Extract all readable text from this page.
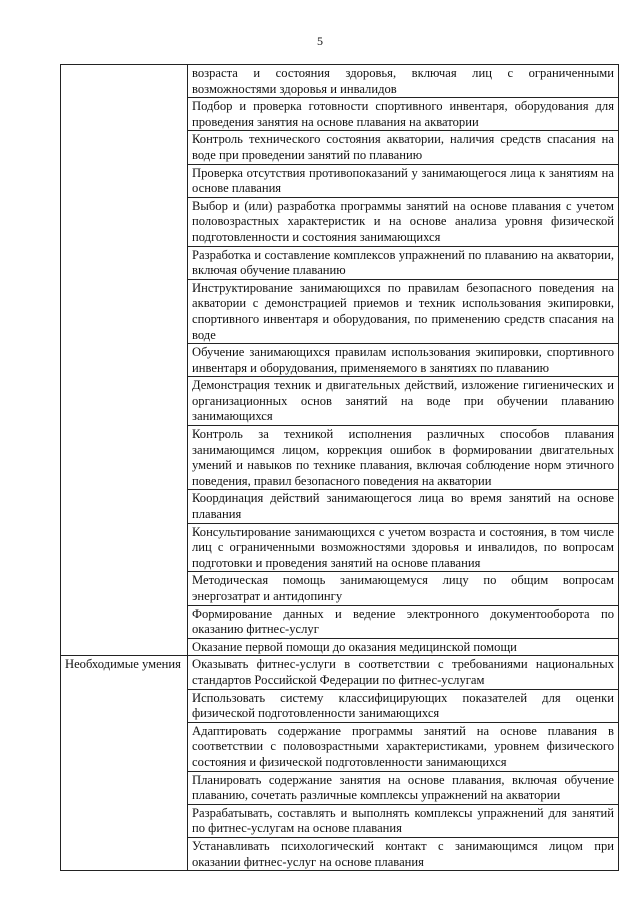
5
	возраста и состояния здоровья, включая лиц с ограниченными возможностями здоровья и инвалидов
	Подбор и проверка готовности спортивного инвентаря, оборудования для проведения занятия на основе плавания на акватории
	Контроль технического состояния акватории, наличия средств спасания на воде при проведении занятий по плаванию
	Проверка отсутствия противопоказаний у занимающегося лица к занятиям на основе плавания
	Выбор и (или) разработка программы занятий на основе плавания с учетом половозрастных характеристик и на основе анализа уровня физической подготовленности и состояния занимающихся
	Разработка и составление комплексов упражнений по плаванию на акватории, включая обучение плаванию
	Инструктирование занимающихся по правилам безопасного поведения на акватории с демонстрацией приемов и техник использования экипировки, спортивного инвентаря и оборудования, по применению средств спасания на воде
	Обучение занимающихся правилам использования экипировки, спортивного инвентаря и оборудования, применяемого в занятиях по плаванию
	Демонстрация техник и двигательных действий, изложение гигиенических и организационных основ занятий на воде при обучении плаванию занимающихся
	Контроль за техникой исполнения различных способов плавания занимающимся лицом, коррекция ошибок в формировании двигательных умений и навыков по технике плавания, включая соблюдение норм этичного поведения, правил безопасного поведения на акватории
	Координация действий занимающегося лица во время занятий на основе плавания
	Консультирование занимающихся с учетом возраста и состояния, в том числе лиц с ограниченными возможностями здоровья и инвалидов, по вопросам подготовки и проведения занятий на основе плавания
	Методическая помощь занимающемуся лицу по общим вопросам энергозатрат и антидопингу
	Формирование данных и ведение электронного документооборота по оказанию фитнес-услуг
	Оказание первой помощи до оказания медицинской помощи
Необходимые умения	Оказывать фитнес-услуги в соответствии с требованиями национальных стандартов Российской Федерации по фитнес-услугам
	Использовать систему классифицирующих показателей для оценки физической подготовленности занимающихся
	Адаптировать содержание программы занятий на основе плавания в соответствии с половозрастными характеристиками, уровнем физического состояния и физической подготовленности занимающихся
	Планировать содержание занятия на основе плавания, включая обучение плаванию, сочетать различные комплексы упражнений на акватории
	Разрабатывать, составлять и выполнять комплексы упражнений для занятий по фитнес-услугам на основе плавания
	Устанавливать психологический контакт с занимающимся лицом при оказании фитнес-услуг на основе плавания
